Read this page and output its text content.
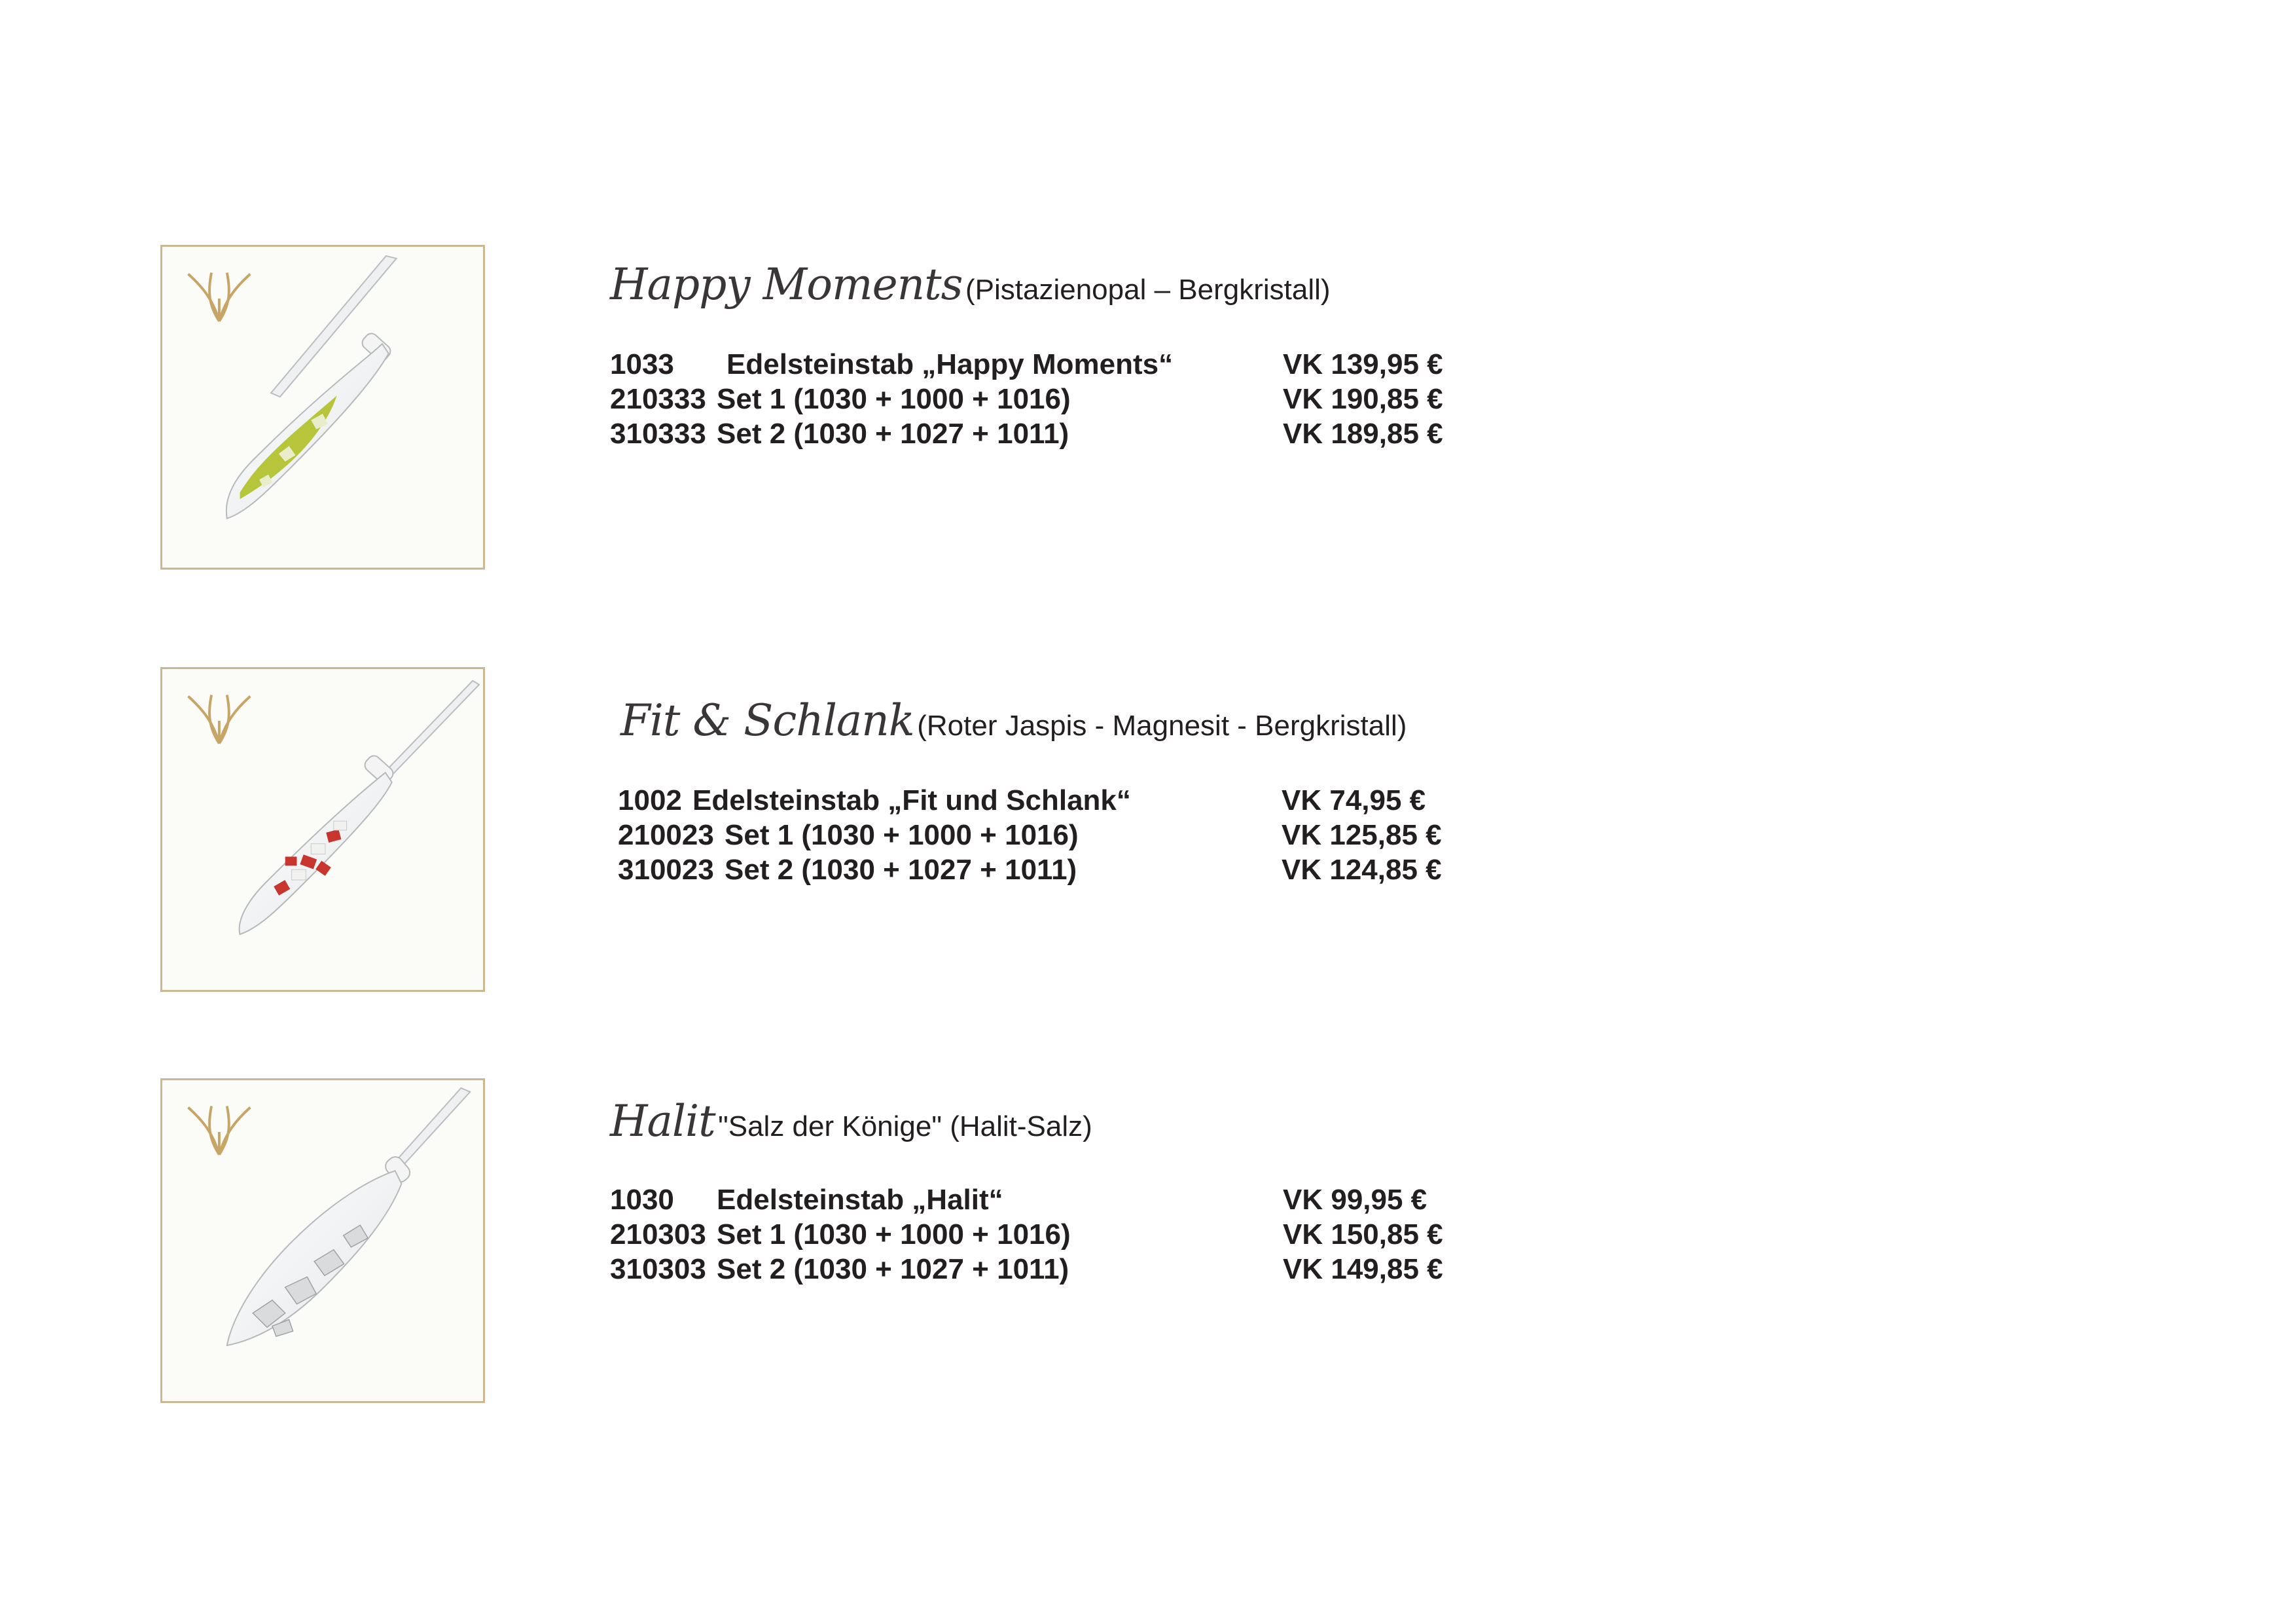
Happy Moments (Pistazienopal – Bergkristall)
1033 Edelsteinstab „Happy Moments“	VK 139,95 €
210333 Set 1 (1030 + 1000 + 1016)	VK 190,85 €
310333 Set 2 (1030 + 1027 + 1011)	VK 189,85 €
Fit & Schlank (Roter Jaspis - Magnesit - Bergkristall)
1002 Edelsteinstab „Fit und Schlank“	VK 74,95 €
210023 Set 1 (1030 + 1000 + 1016)	VK 125,85 €
310023 Set 2 (1030 + 1027 + 1011)	VK 124,85 €
Halit "Salz der Könige" (Halit-Salz)
1030 Edelsteinstab „Halit“	VK 99,95 €
210303 Set 1 (1030 + 1000 + 1016)	VK 150,85 €
310303 Set 2 (1030 + 1027 + 1011)	VK 149,85 €
